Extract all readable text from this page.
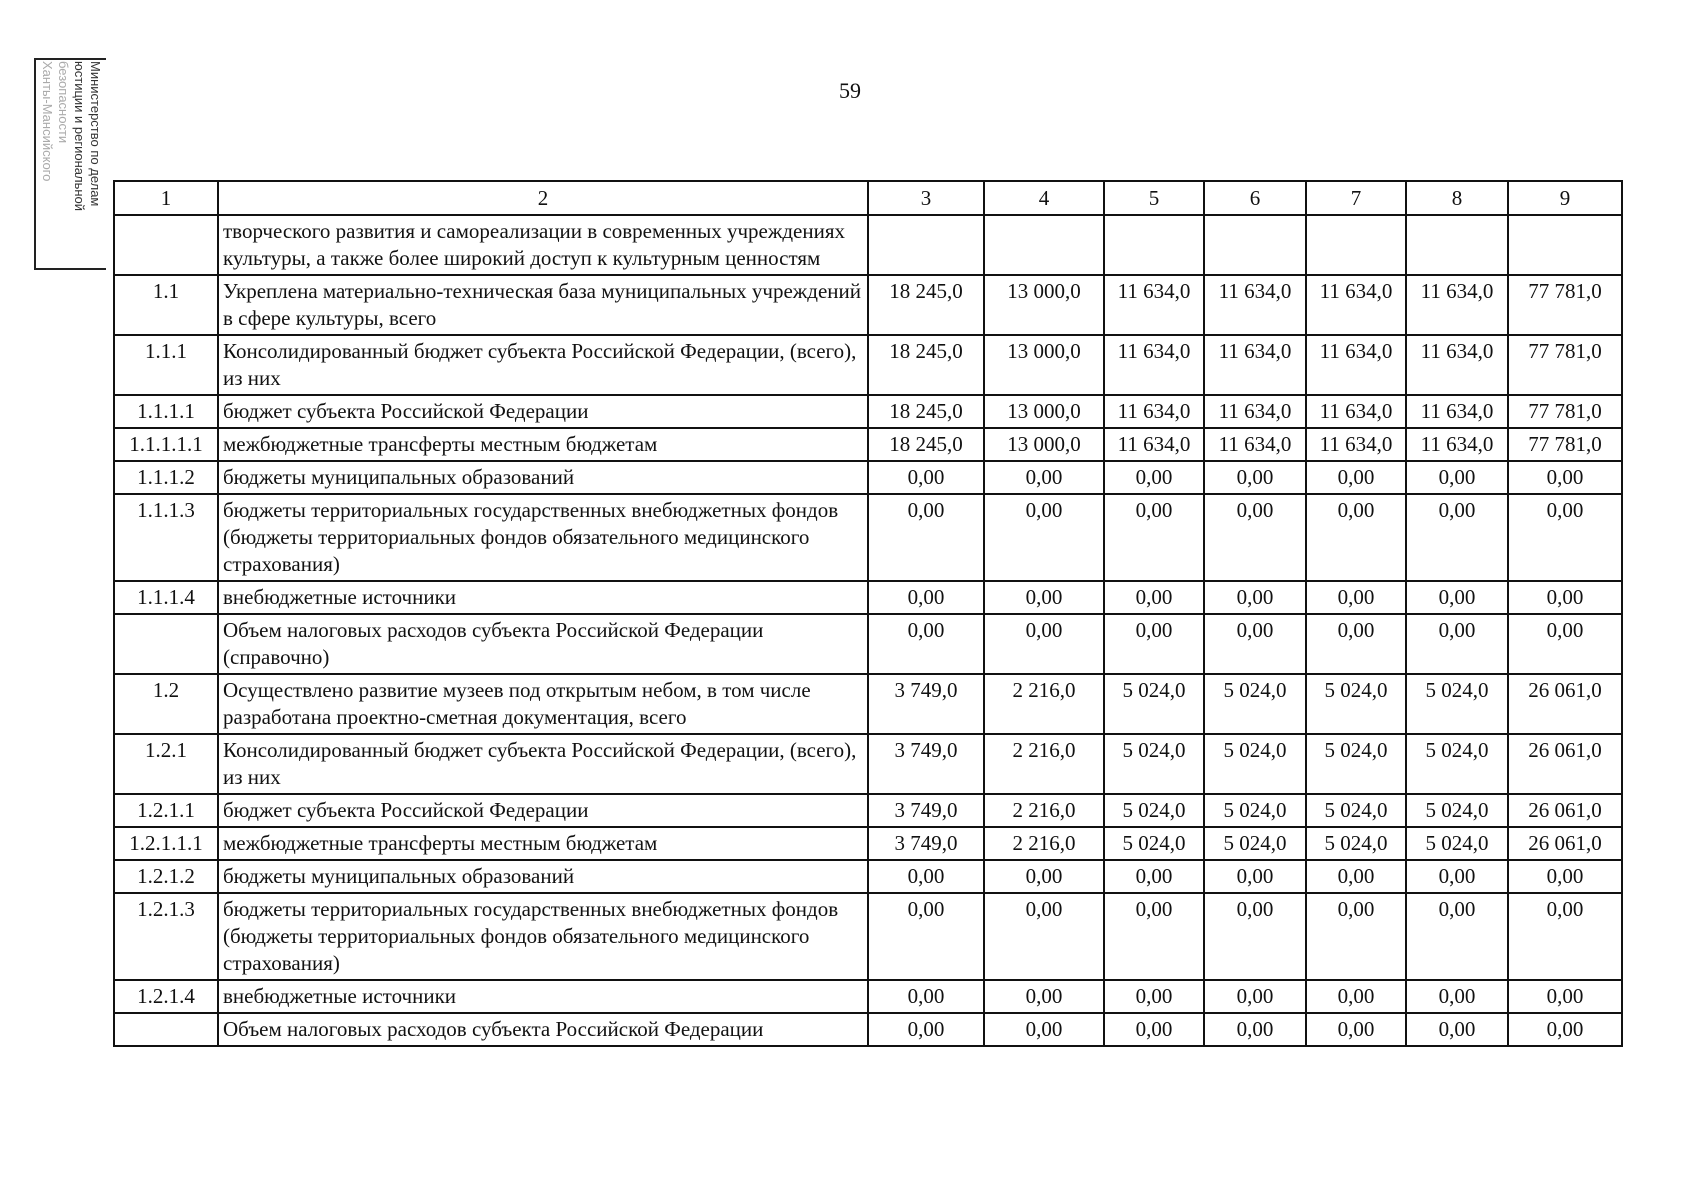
Министерство по делам
юстиции и региональной
безопасности
Ханты-Мансийского	59
1	2	3	4	5	6	7	8	9
	творческого развития и самореализации в современных учреждениях культуры, а также более широкий доступ к культурным ценностям							
1.1	Укреплена материально-техническая база муниципальных учреждений в сфере культуры, всего	18 245,0	13 000,0	11 634,0	11 634,0	11 634,0	11 634,0	77 781,0
1.1.1	Консолидированный бюджет субъекта Российской Федерации, (всего), из них	18 245,0	13 000,0	11 634,0	11 634,0	11 634,0	11 634,0	77 781,0
1.1.1.1	бюджет субъекта Российской Федерации	18 245,0	13 000,0	11 634,0	11 634,0	11 634,0	11 634,0	77 781,0
1.1.1.1.1	межбюджетные трансферты местным бюджетам	18 245,0	13 000,0	11 634,0	11 634,0	11 634,0	11 634,0	77 781,0
1.1.1.2	бюджеты муниципальных образований	0,00	0,00	0,00	0,00	0,00	0,00	0,00
1.1.1.3	бюджеты территориальных государственных внебюджетных фондов (бюджеты территориальных фондов обязательного медицинского страхования)	0,00	0,00	0,00	0,00	0,00	0,00	0,00
1.1.1.4	внебюджетные источники	0,00	0,00	0,00	0,00	0,00	0,00	0,00
	Объем налоговых расходов субъекта Российской Федерации (справочно)	0,00	0,00	0,00	0,00	0,00	0,00	0,00
1.2	Осуществлено развитие музеев под открытым небом, в том числе разработана проектно-сметная документация, всего	3 749,0	2 216,0	5 024,0	5 024,0	5 024,0	5 024,0	26 061,0
1.2.1	Консолидированный бюджет субъекта Российской Федерации, (всего), из них	3 749,0	2 216,0	5 024,0	5 024,0	5 024,0	5 024,0	26 061,0
1.2.1.1	бюджет субъекта Российской Федерации	3 749,0	2 216,0	5 024,0	5 024,0	5 024,0	5 024,0	26 061,0
1.2.1.1.1	межбюджетные трансферты местным бюджетам	3 749,0	2 216,0	5 024,0	5 024,0	5 024,0	5 024,0	26 061,0
1.2.1.2	бюджеты муниципальных образований	0,00	0,00	0,00	0,00	0,00	0,00	0,00
1.2.1.3	бюджеты территориальных государственных внебюджетных фондов (бюджеты территориальных фондов обязательного медицинского страхования)	0,00	0,00	0,00	0,00	0,00	0,00	0,00
1.2.1.4	внебюджетные источники	0,00	0,00	0,00	0,00	0,00	0,00	0,00
	Объем налоговых расходов субъекта Российской Федерации	0,00	0,00	0,00	0,00	0,00	0,00	0,00
